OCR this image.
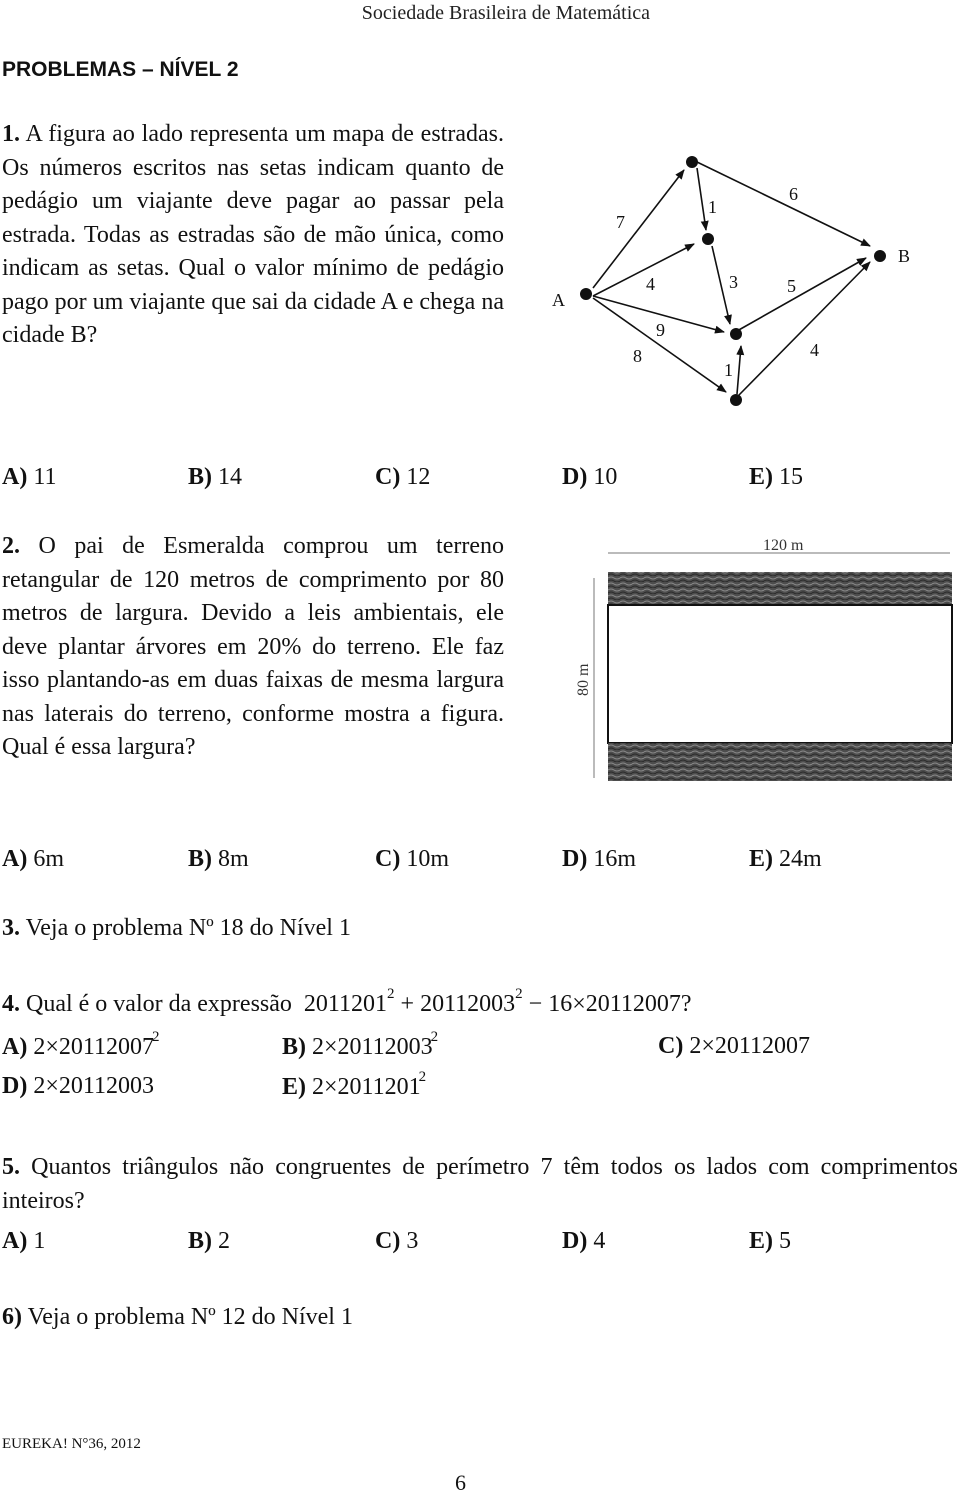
Sociedade Brasileira de Matemática
PROBLEMAS – NÍVEL 2
1. A figura ao lado representa um mapa de estradas. Os números escritos nas setas indicam quanto de pedágio um viajante deve pagar ao passar pela estrada. Todas as estradas são de mão única, como indicam as setas. Qual o valor mínimo de pedágio pago por um viajante que sai da cidade A e chega na cidade B?
A
B
7
1
6
4	3	5
9
8	4
1
A) 11	B) 14	C) 12	D) 10	E) 15
2. O pai de Esmeralda comprou um terreno retangular de 120 metros de comprimento por 80 metros de largura. Devido a leis ambientais, ele deve plantar árvores em 20% do terreno. Ele faz isso plantando-as em duas faixas de mesma largura nas laterais do terreno, conforme mostra a figura. Qual é essa largura?
120 m
80 m
A) 6m	B) 8m	C) 10m	D) 16m	E) 24m
3. Veja o problema Nº 18 do Nível 1
4. Qual é o valor da expressão $2011201^2 + 20112003^2 - 16\times 20112007$?
A) $2\times 20112007^2$	B) $2\times 20112003^2$	C) 2×20112007
D) 2×20112003	E) $2\times 2011201^2$
5. Quantos triângulos não congruentes de perímetro 7 têm todos os lados com comprimentos inteiros?
A) 1	B) 2	C) 3	D) 4	E) 5
6) Veja o problema Nº 12 do Nível 1
EUREKA! N°36, 2012
6
